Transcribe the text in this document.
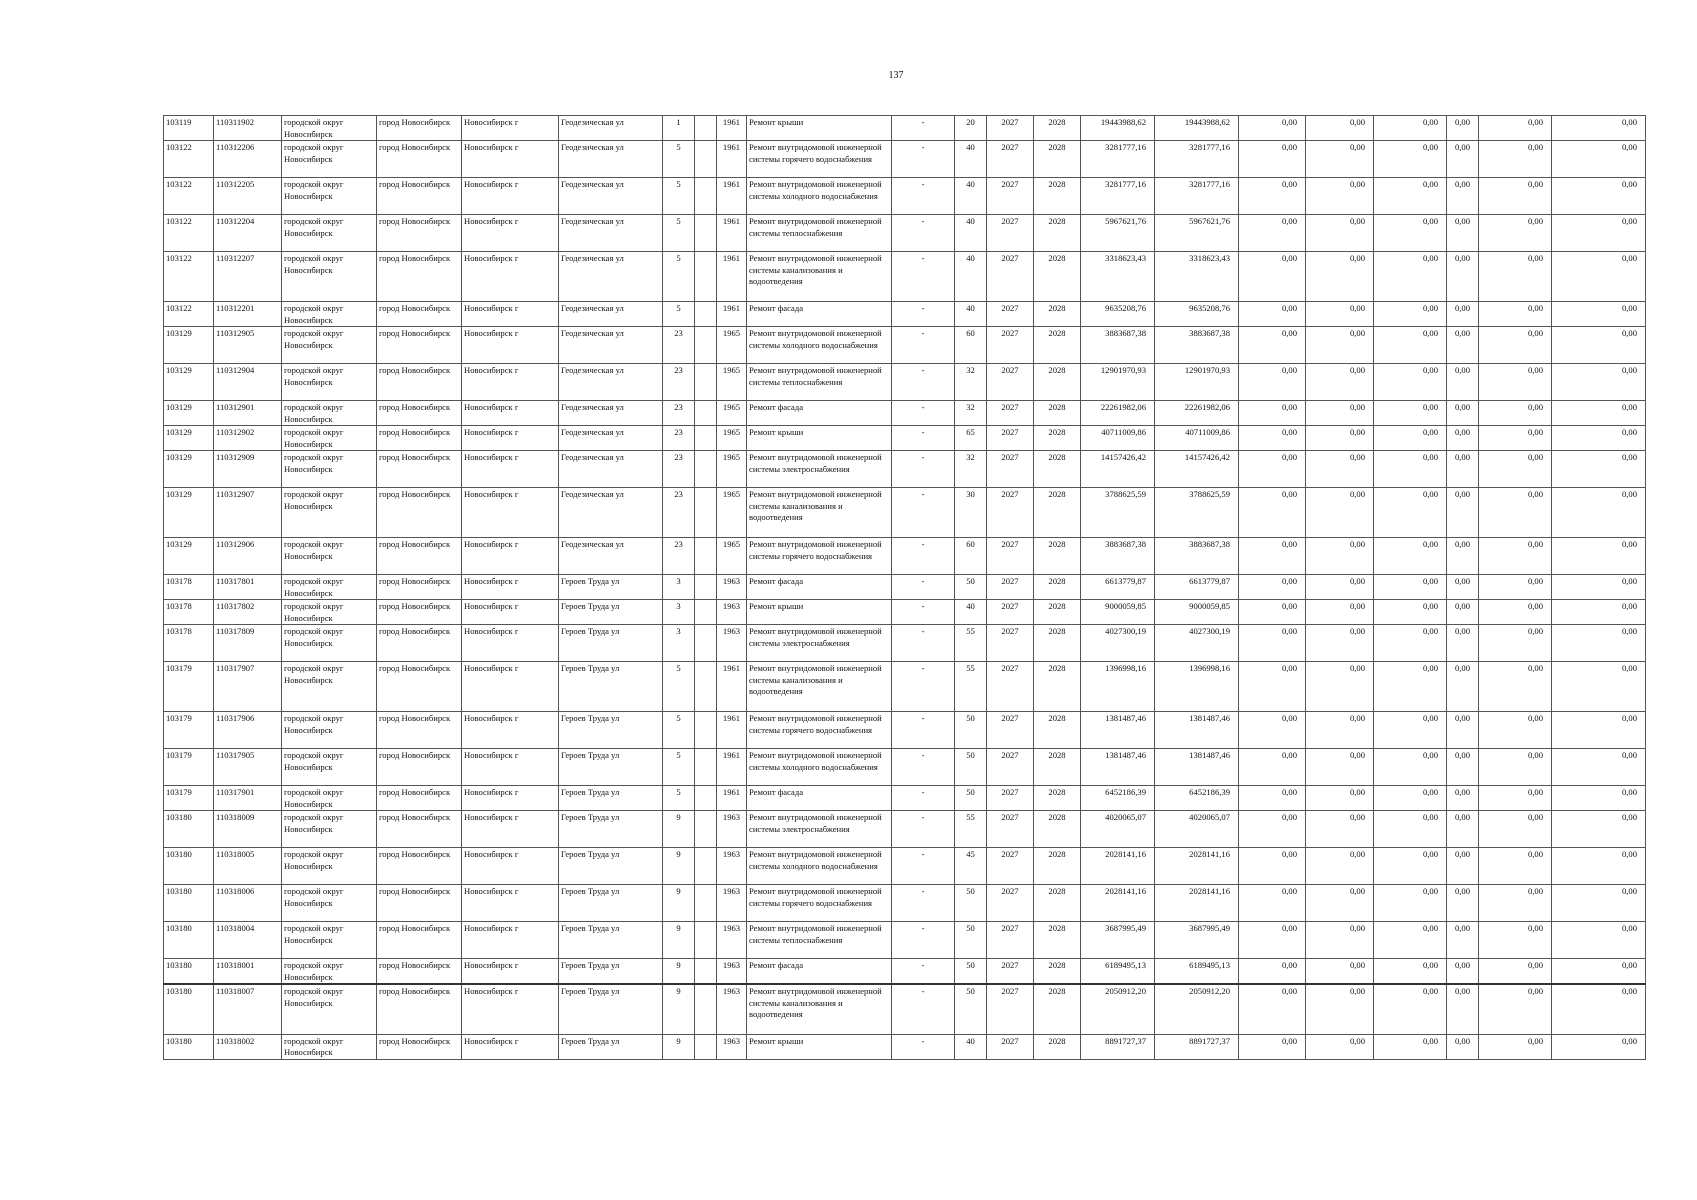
137
103119	110311902	городской округ Новосибирск	город Новосибирск	Новосибирск г	Геодезическая ул	1		1961	Ремонт крыши	-	20	2027	2028	19443988,62	19443988,62	0,00	0,00	0,00	0,00	0,00	0,00
103122	110312206	городской округ Новосибирск	город Новосибирск	Новосибирск г	Геодезическая ул	5		1961	Ремонт внутридомовой инженерной системы горячего водоснабжения	-	40	2027	2028	3281777,16	3281777,16	0,00	0,00	0,00	0,00	0,00	0,00
103122	110312205	городской округ Новосибирск	город Новосибирск	Новосибирск г	Геодезическая ул	5		1961	Ремонт внутридомовой инженерной системы холодного водоснабжения	-	40	2027	2028	3281777,16	3281777,16	0,00	0,00	0,00	0,00	0,00	0,00
103122	110312204	городской округ Новосибирск	город Новосибирск	Новосибирск г	Геодезическая ул	5		1961	Ремонт внутридомовой инженерной системы теплоснабжения	-	40	2027	2028	5967621,76	5967621,76	0,00	0,00	0,00	0,00	0,00	0,00
103122	110312207	городской округ Новосибирск	город Новосибирск	Новосибирск г	Геодезическая ул	5		1961	Ремонт внутридомовой инженерной системы канализования и водоотведения	-	40	2027	2028	3318623,43	3318623,43	0,00	0,00	0,00	0,00	0,00	0,00
103122	110312201	городской округ Новосибирск	город Новосибирск	Новосибирск г	Геодезическая ул	5		1961	Ремонт фасада	-	40	2027	2028	9635208,76	9635208,76	0,00	0,00	0,00	0,00	0,00	0,00
103129	110312905	городской округ Новосибирск	город Новосибирск	Новосибирск г	Геодезическая ул	23		1965	Ремонт внутридомовой инженерной системы холодного водоснабжения	-	60	2027	2028	3883687,38	3883687,38	0,00	0,00	0,00	0,00	0,00	0,00
103129	110312904	городской округ Новосибирск	город Новосибирск	Новосибирск г	Геодезическая ул	23		1965	Ремонт внутридомовой инженерной системы теплоснабжения	-	32	2027	2028	12901970,93	12901970,93	0,00	0,00	0,00	0,00	0,00	0,00
103129	110312901	городской округ Новосибирск	город Новосибирск	Новосибирск г	Геодезическая ул	23		1965	Ремонт фасада	-	32	2027	2028	22261982,06	22261982,06	0,00	0,00	0,00	0,00	0,00	0,00
103129	110312902	городской округ Новосибирск	город Новосибирск	Новосибирск г	Геодезическая ул	23		1965	Ремонт крыши	-	65	2027	2028	40711009,86	40711009,86	0,00	0,00	0,00	0,00	0,00	0,00
103129	110312909	городской округ Новосибирск	город Новосибирск	Новосибирск г	Геодезическая ул	23		1965	Ремонт внутридомовой инженерной системы электроснабжения	-	32	2027	2028	14157426,42	14157426,42	0,00	0,00	0,00	0,00	0,00	0,00
103129	110312907	городской округ Новосибирск	город Новосибирск	Новосибирск г	Геодезическая ул	23		1965	Ремонт внутридомовой инженерной системы канализования и водоотведения	-	30	2027	2028	3788625,59	3788625,59	0,00	0,00	0,00	0,00	0,00	0,00
103129	110312906	городской округ Новосибирск	город Новосибирск	Новосибирск г	Геодезическая ул	23		1965	Ремонт внутридомовой инженерной системы горячего водоснабжения	-	60	2027	2028	3883687,38	3883687,38	0,00	0,00	0,00	0,00	0,00	0,00
103178	110317801	городской округ Новосибирск	город Новосибирск	Новосибирск г	Героев Труда ул	3		1963	Ремонт фасада	-	50	2027	2028	6613779,87	6613779,87	0,00	0,00	0,00	0,00	0,00	0,00
103178	110317802	городской округ Новосибирск	город Новосибирск	Новосибирск г	Героев Труда ул	3		1963	Ремонт крыши	-	40	2027	2028	9000059,85	9000059,85	0,00	0,00	0,00	0,00	0,00	0,00
103178	110317809	городской округ Новосибирск	город Новосибирск	Новосибирск г	Героев Труда ул	3		1963	Ремонт внутридомовой инженерной системы электроснабжения	-	55	2027	2028	4027300,19	4027300,19	0,00	0,00	0,00	0,00	0,00	0,00
103179	110317907	городской округ Новосибирск	город Новосибирск	Новосибирск г	Героев Труда ул	5		1961	Ремонт внутридомовой инженерной системы канализования и водоотведения	-	55	2027	2028	1396998,16	1396998,16	0,00	0,00	0,00	0,00	0,00	0,00
103179	110317906	городской округ Новосибирск	город Новосибирск	Новосибирск г	Героев Труда ул	5		1961	Ремонт внутридомовой инженерной системы горячего водоснабжения	-	50	2027	2028	1381487,46	1381487,46	0,00	0,00	0,00	0,00	0,00	0,00
103179	110317905	городской округ Новосибирск	город Новосибирск	Новосибирск г	Героев Труда ул	5		1961	Ремонт внутридомовой инженерной системы холодного водоснабжения	-	50	2027	2028	1381487,46	1381487,46	0,00	0,00	0,00	0,00	0,00	0,00
103179	110317901	городской округ Новосибирск	город Новосибирск	Новосибирск г	Героев Труда ул	5		1961	Ремонт фасада	-	50	2027	2028	6452186,39	6452186,39	0,00	0,00	0,00	0,00	0,00	0,00
103180	110318009	городской округ Новосибирск	город Новосибирск	Новосибирск г	Героев Труда ул	9		1963	Ремонт внутридомовой инженерной системы электроснабжения	-	55	2027	2028	4020065,07	4020065,07	0,00	0,00	0,00	0,00	0,00	0,00
103180	110318005	городской округ Новосибирск	город Новосибирск	Новосибирск г	Героев Труда ул	9		1963	Ремонт внутридомовой инженерной системы холодного водоснабжения	-	45	2027	2028	2028141,16	2028141,16	0,00	0,00	0,00	0,00	0,00	0,00
103180	110318006	городской округ Новосибирск	город Новосибирск	Новосибирск г	Героев Труда ул	9		1963	Ремонт внутридомовой инженерной системы горячего водоснабжения	-	50	2027	2028	2028141,16	2028141,16	0,00	0,00	0,00	0,00	0,00	0,00
103180	110318004	городской округ Новосибирск	город Новосибирск	Новосибирск г	Героев Труда ул	9		1963	Ремонт внутридомовой инженерной системы теплоснабжения	-	50	2027	2028	3687995,49	3687995,49	0,00	0,00	0,00	0,00	0,00	0,00
103180	110318001	городской округ Новосибирск	город Новосибирск	Новосибирск г	Героев Труда ул	9		1963	Ремонт фасада	-	50	2027	2028	6189495,13	6189495,13	0,00	0,00	0,00	0,00	0,00	0,00
103180	110318007	городской округ Новосибирск	город Новосибирск	Новосибирск г	Героев Труда ул	9		1963	Ремонт внутридомовой инженерной системы канализования и водоотведения	-	50	2027	2028	2050912,20	2050912,20	0,00	0,00	0,00	0,00	0,00	0,00
103180	110318002	городской округ Новосибирск	город Новосибирск	Новосибирск г	Героев Труда ул	9		1963	Ремонт крыши	-	40	2027	2028	8891727,37	8891727,37	0,00	0,00	0,00	0,00	0,00	0,00
